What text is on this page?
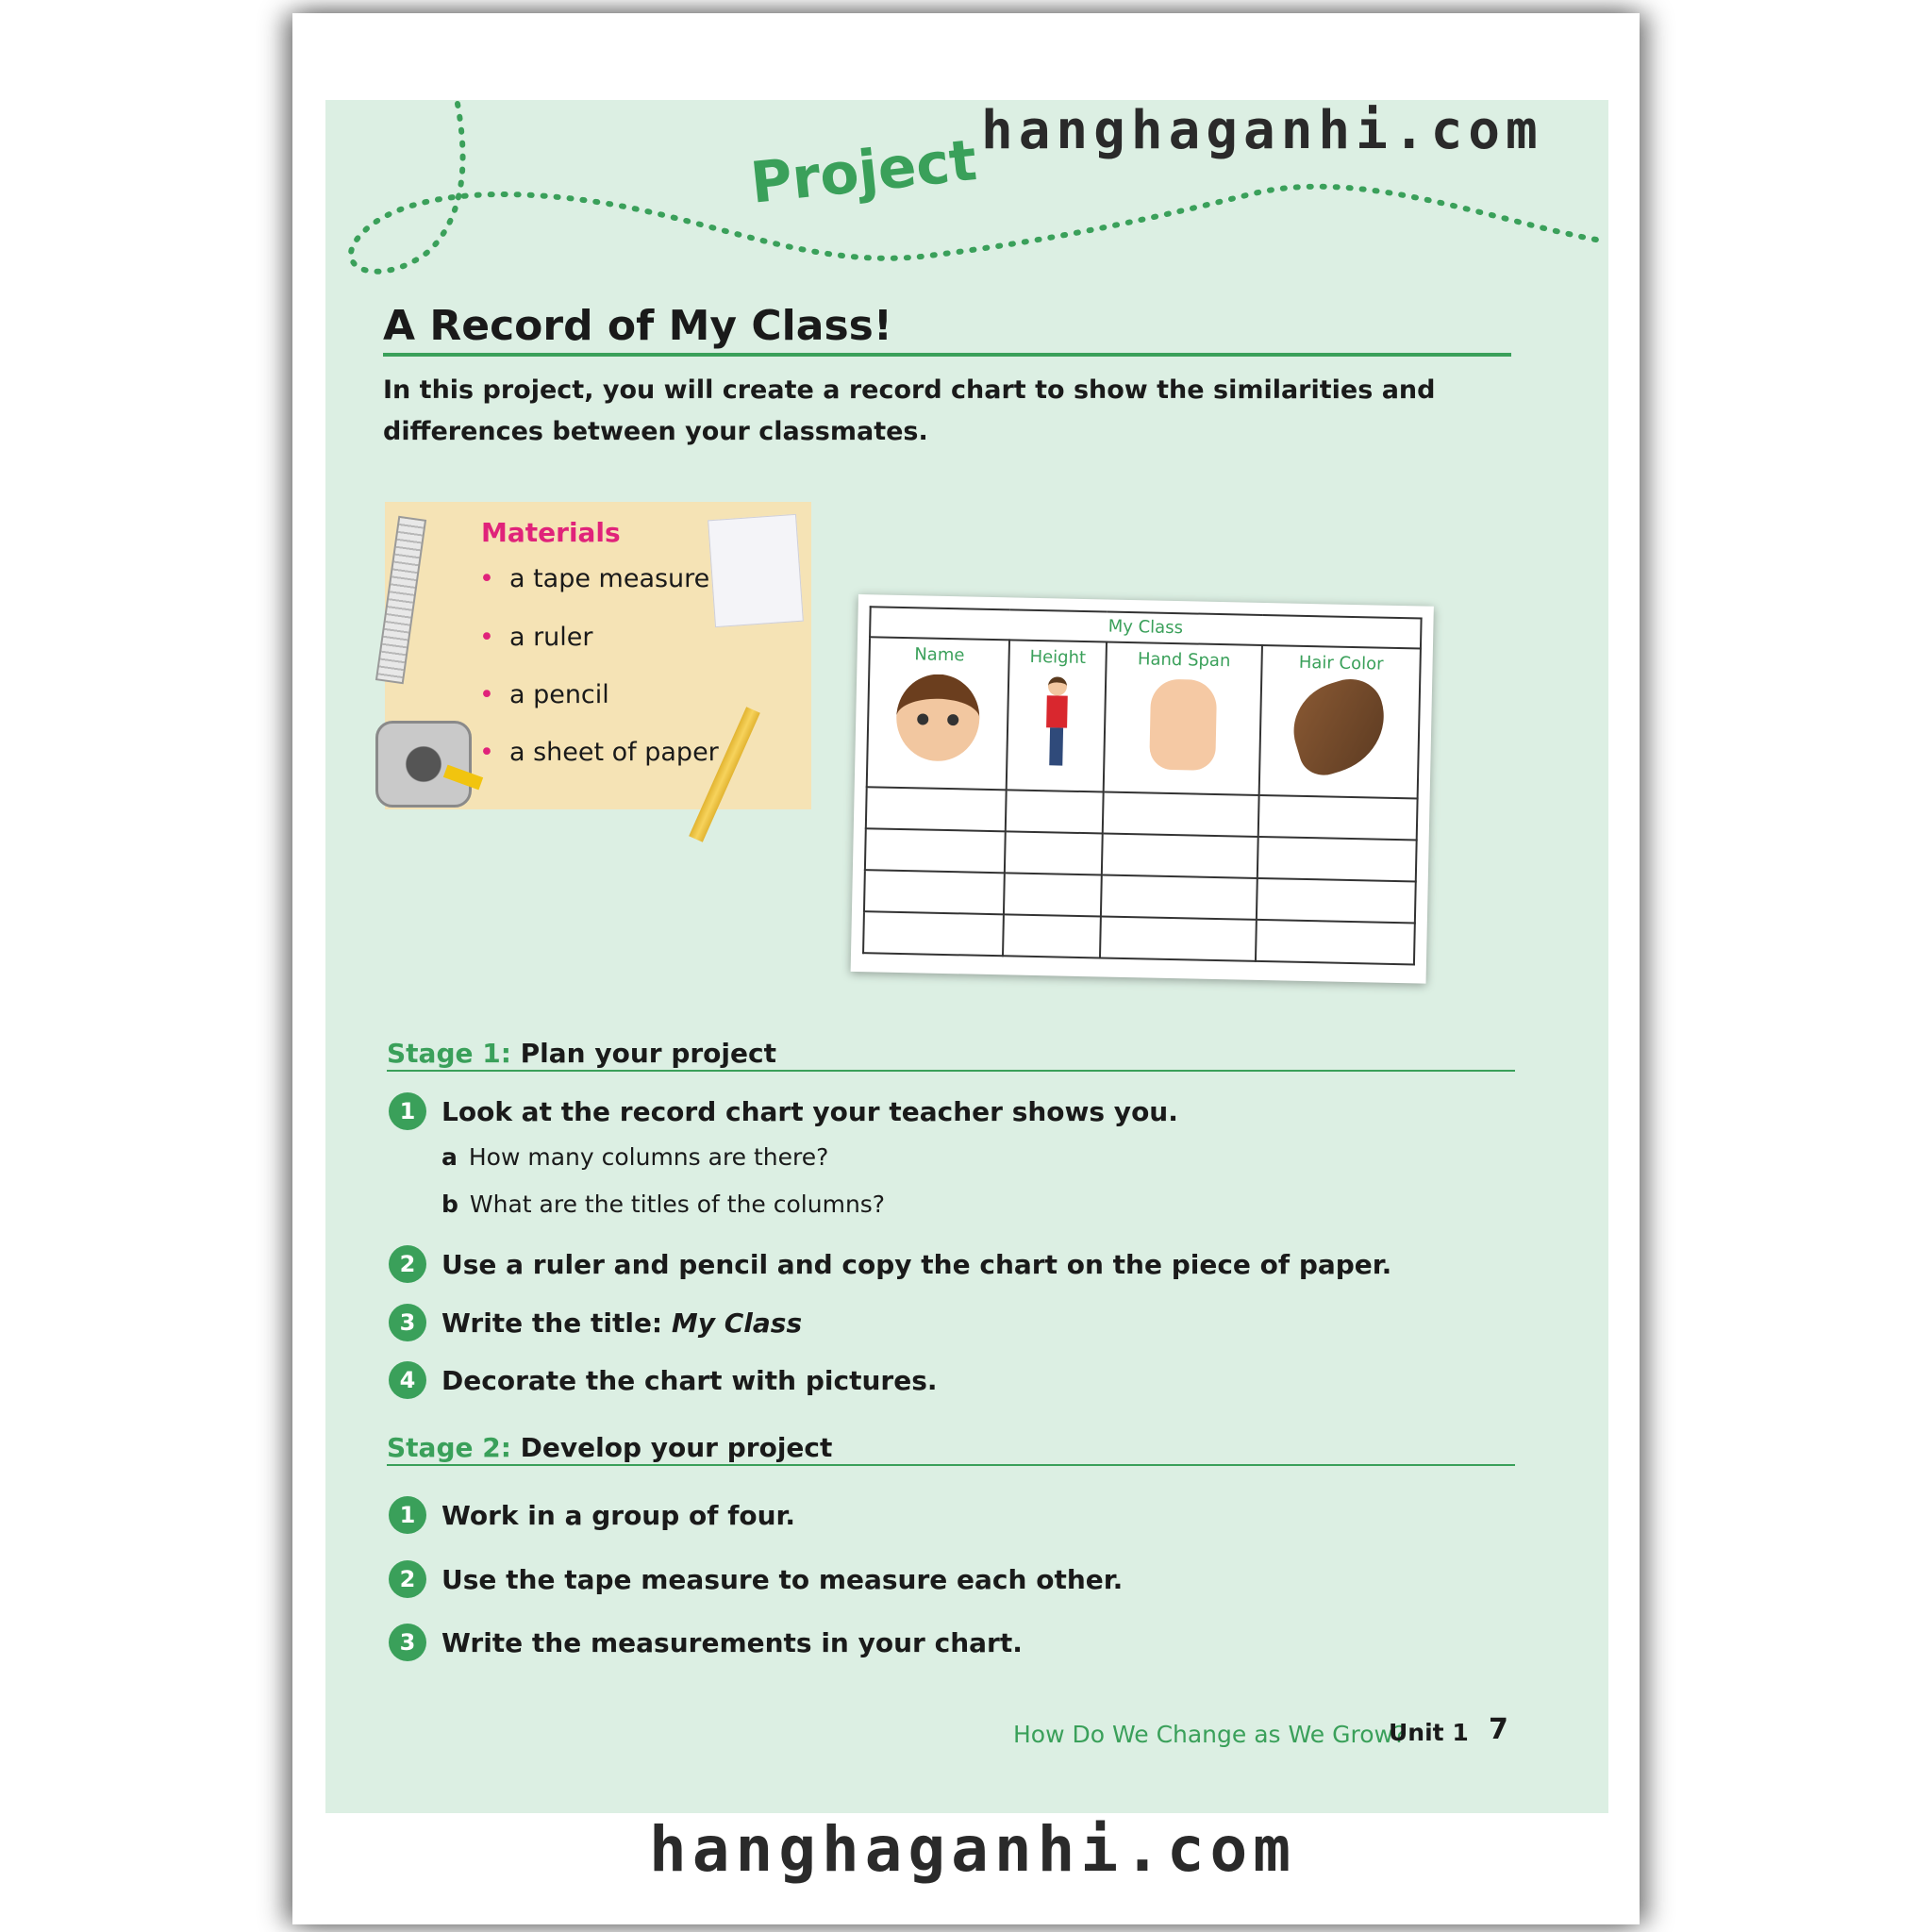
hanghaganhi.com
Project
A Record of My Class!
In this project, you will create a record chart to show the similarities and differences between your classmates.
Materials
• a tape measure
• a ruler
• a pencil
• a sheet of paper
My Class			

Name	Height	Hand Span	Hair Color

Stage 1: Plan your project
1 Look at the record chart your teacher shows you.
a How many columns are there?
b What are the titles of the columns?
2 Use a ruler and pencil and copy the chart on the piece of paper.
3 Write the title: My Class
4 Decorate the chart with pictures.
Stage 2: Develop your project
1 Work in a group of four.
2 Use the tape measure to measure each other.
3 Write the measurements in your chart.
How Do We Change as We Grow?
Unit 1 7
hanghaganhi.com
